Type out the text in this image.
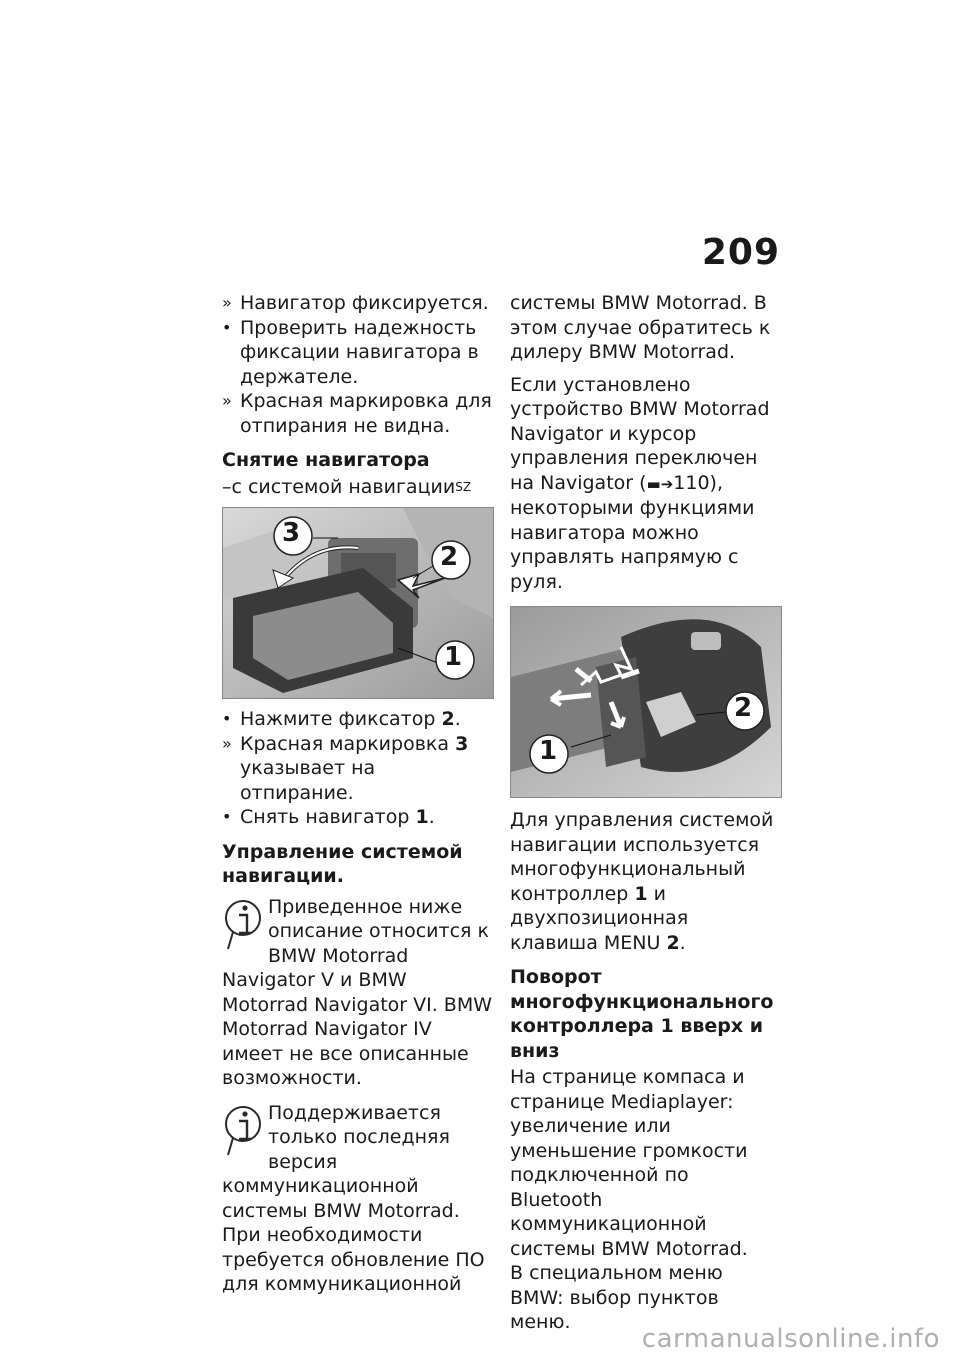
209
» Навигатор фиксируется.
• Проверить надежность фиксации навигатора в держателе.
» Красная маркировка для отпирания не видна.
Снятие навигатора
–с системой навигации$^{SZ}$
3
2
1
• Нажмите фиксатор 2.
» Красная маркировка 3 указывает на отпирание.
• Снять навигатор 1.
Управление системой навигации.
Приведенное ниже описание относится к BMW Motorrad Navigator V и BMW Motorrad Navigator VI. BMW Motorrad Navigator IV имеет не все описанные возможности.
Поддерживается только последняя версия коммуникационной системы BMW Motorrad. При необходимости требуется обновление ПО для коммуникационной

системы BMW Motorrad. В этом случае обратитесь к дилеру BMW Motorrad.

Если установлено устройство BMW Motorrad Navigator и курсор управления переключен на Navigator (▬➔110), некоторыми функциями навигатора можно управлять напрямую с руля.

2
1

Для управления системой навигации используется многофункциональный контроллер 1 и двухпозиционная клавиша MENU 2.

Поворот многофункционального контроллера 1 вверх и вниз

На странице компаса и странице Mediaplayer: увеличение или уменьшение громкости подключенной по Bluetooth коммуникационной системы BMW Motorrad.

В специальном меню BMW: выбор пунктов меню.

carmanualsonline.info
